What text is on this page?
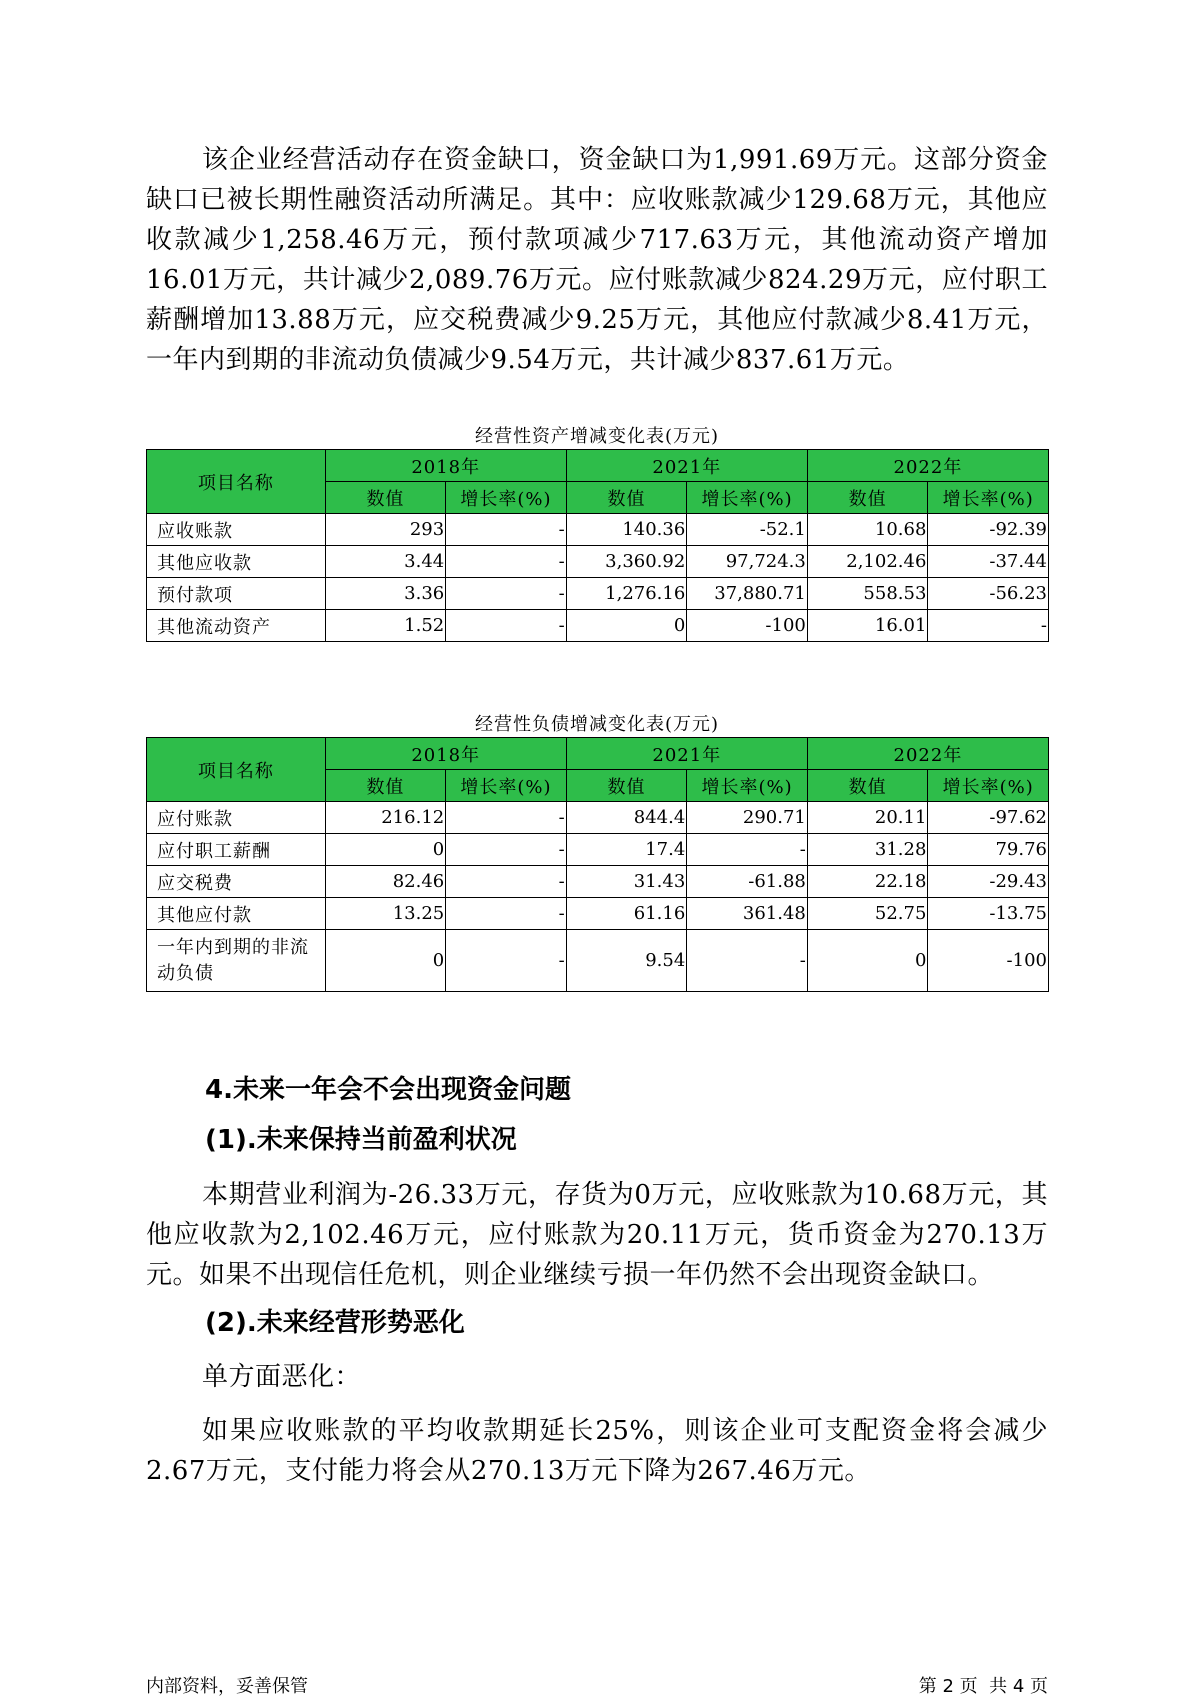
该企业经营活动存在资金缺口，资金缺口为1,991.69万元。这部分资金缺口已被长期性融资活动所满足。其中：应收账款减少129.68万元，其他应收款减少1,258.46万元，预付款项减少717.63万元，其他流动资产增加16.01万元，共计减少2,089.76万元。应付账款减少824.29万元，应付职工薪酬增加13.88万元，应交税费减少9.25万元，其他应付款减少8.41万元，一年内到期的非流动负债减少9.54万元，共计减少837.61万元。

经营性资产增减变化表(万元)
项目名称	2018年		2021年		2022年	
	数值	增长率(%)	数值	增长率(%)	数值	增长率(%)
应收账款	293	-	140.36	-52.1	10.68	-92.39
其他应收款	3.44	-	3,360.92	97,724.3	2,102.46	-37.44
预付款项	3.36	-	1,276.16	37,880.71	558.53	-56.23
其他流动资产	1.52	-	0	-100	16.01	-
经营性负债增减变化表(万元)
项目名称	2018年		2021年		2022年	
	数值	增长率(%)	数值	增长率(%)	数值	增长率(%)
应付账款	216.12	-	844.4	290.71	20.11	-97.62
应付职工薪酬	0	-	17.4	-	31.28	79.76
应交税费	82.46	-	31.43	-61.88	22.18	-29.43
其他应付款	13.25	-	61.16	361.48	52.75	-13.75
一年内到期的非流动负债	0	-	9.54	-	0	-100
4.未来一年会不会出现资金问题
(1).未来保持当前盈利状况

本期营业利润为-26.33万元，存货为0万元，应收账款为10.68万元，其他应收款为2,102.46万元，应付账款为20.11万元，货币资金为270.13万元。如果不出现信任危机，则企业继续亏损一年仍然不会出现资金缺口。

(2).未来经营形势恶化

单方面恶化：

如果应收账款的平均收款期延长25%，则该企业可支配资金将会减少2.67万元，支付能力将会从270.13万元下降为267.46万元。

内部资料，妥善保管	第 2 页  共 4 页
